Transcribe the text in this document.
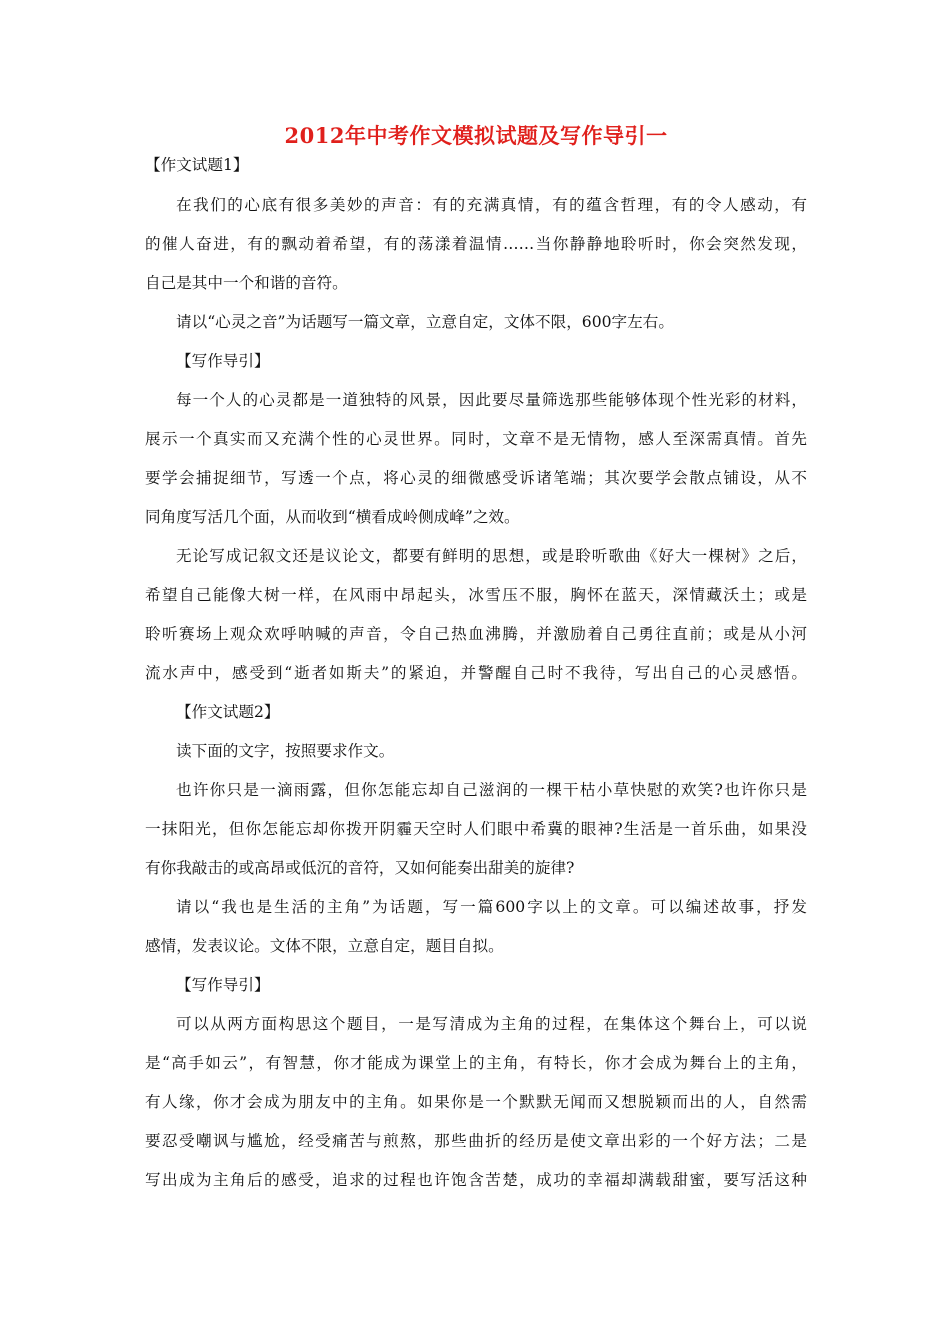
2012年中考作文模拟试题及写作导引一

【作文试题1】

在我们的心底有很多美妙的声音：有的充满真情，有的蕴含哲理，有的令人感动，有

的催人奋进，有的飘动着希望，有的荡漾着温情……当你静静地聆听时，你会突然发现，

自己是其中一个和谐的音符。

请以“心灵之音”为话题写一篇文章，立意自定，文体不限，600字左右。

【写作导引】

每一个人的心灵都是一道独特的风景，因此要尽量筛选那些能够体现个性光彩的材料，

展示一个真实而又充满个性的心灵世界。同时，文章不是无情物，感人至深需真情。首先

要学会捕捉细节，写透一个点，将心灵的细微感受诉诸笔端；其次要学会散点铺设，从不

同角度写活几个面，从而收到“横看成岭侧成峰”之效。

无论写成记叙文还是议论文，都要有鲜明的思想，或是聆听歌曲《好大一棵树》之后，

希望自己能像大树一样，在风雨中昂起头，冰雪压不服，胸怀在蓝天，深情藏沃土；或是

聆听赛场上观众欢呼呐喊的声音，令自己热血沸腾，并激励着自己勇往直前；或是从小河

流水声中，感受到“逝者如斯夫”的紧迫，并警醒自己时不我待，写出自己的心灵感悟。

【作文试题2】

读下面的文字，按照要求作文。

也许你只是一滴雨露，但你怎能忘却自己滋润的一棵干枯小草快慰的欢笑?也许你只是

一抹阳光，但你怎能忘却你拨开阴霾天空时人们眼中希冀的眼神?生活是一首乐曲，如果没

有你我敲击的或高昂或低沉的音符，又如何能奏出甜美的旋律?

请以“我也是生活的主角”为话题，写一篇600字以上的文章。可以编述故事，抒发

感情，发表议论。文体不限，立意自定，题目自拟。

【写作导引】

可以从两方面构思这个题目，一是写清成为主角的过程，在集体这个舞台上，可以说

是“高手如云”，有智慧，你才能成为课堂上的主角，有特长，你才会成为舞台上的主角，

有人缘，你才会成为朋友中的主角。如果你是一个默默无闻而又想脱颖而出的人，自然需

要忍受嘲讽与尴尬，经受痛苦与煎熬，那些曲折的经历是使文章出彩的一个好方法；二是

写出成为主角后的感受，追求的过程也许饱含苦楚，成功的幸福却满载甜蜜，要写活这种
